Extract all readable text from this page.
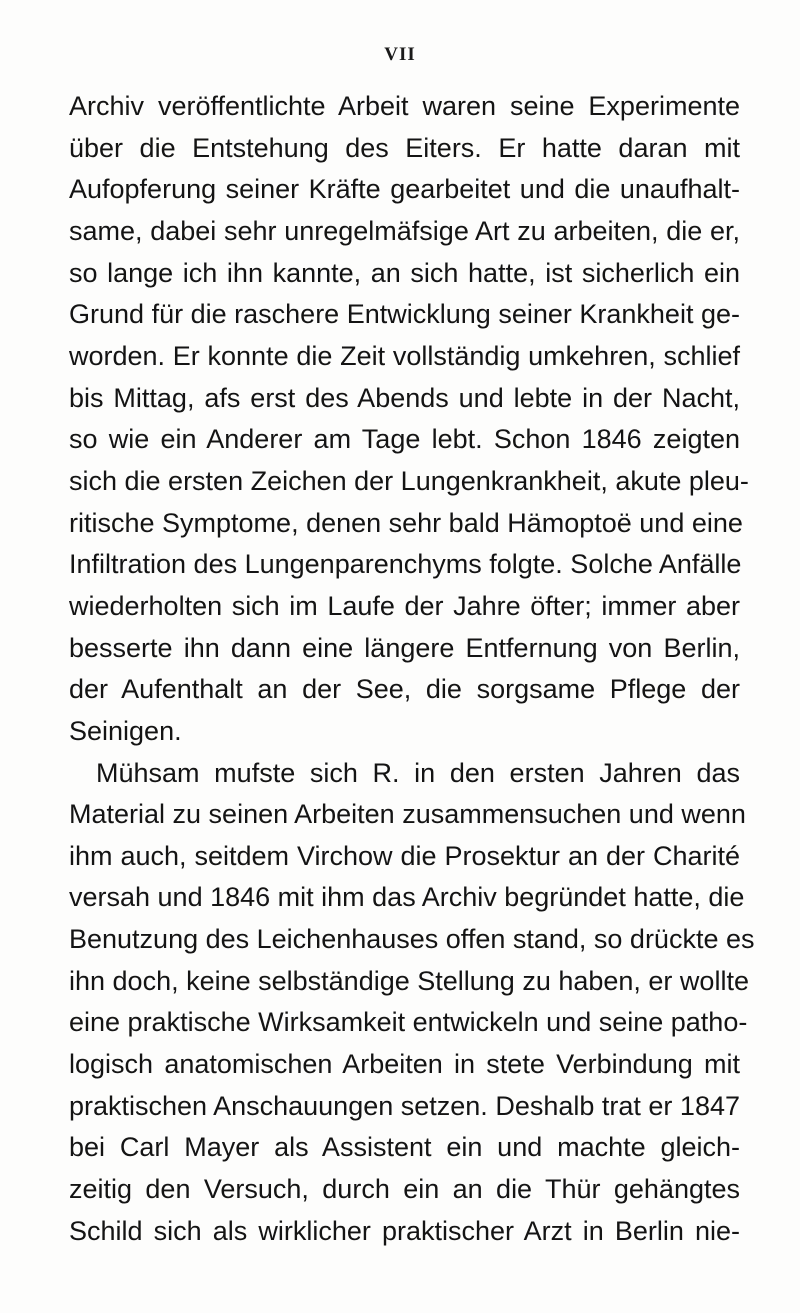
VII
Archiv veröffentlichte Arbeit waren seine Experimente
über die Entstehung des Eiters. Er hatte daran mit
Aufopferung seiner Kräfte gearbeitet und die unaufhalt-
same, dabei sehr unregelmäfsige Art zu arbeiten, die er,
so lange ich ihn kannte, an sich hatte, ist sicherlich ein
Grund für die raschere Entwicklung seiner Krankheit ge-
worden. Er konnte die Zeit vollständig umkehren, schlief
bis Mittag, afs erst des Abends und lebte in der Nacht,
so wie ein Anderer am Tage lebt. Schon 1846 zeigten
sich die ersten Zeichen der Lungenkrankheit, akute pleu-
ritische Symptome, denen sehr bald Hämoptoë und eine
Infiltration des Lungenparenchyms folgte. Solche Anfälle
wiederholten sich im Laufe der Jahre öfter; immer aber
besserte ihn dann eine längere Entfernung von Berlin,
der Aufenthalt an der See, die sorgsame Pflege der
Seinigen.
Mühsam mufste sich R. in den ersten Jahren das
Material zu seinen Arbeiten zusammensuchen und wenn
ihm auch, seitdem Virchow die Prosektur an der Charité
versah und 1846 mit ihm das Archiv begründet hatte, die
Benutzung des Leichenhauses offen stand, so drückte es
ihn doch, keine selbständige Stellung zu haben, er wollte
eine praktische Wirksamkeit entwickeln und seine patho-
logisch anatomischen Arbeiten in stete Verbindung mit
praktischen Anschauungen setzen. Deshalb trat er 1847
bei Carl Mayer als Assistent ein und machte gleich-
zeitig den Versuch, durch ein an die Thür gehängtes
Schild sich als wirklicher praktischer Arzt in Berlin nie-
